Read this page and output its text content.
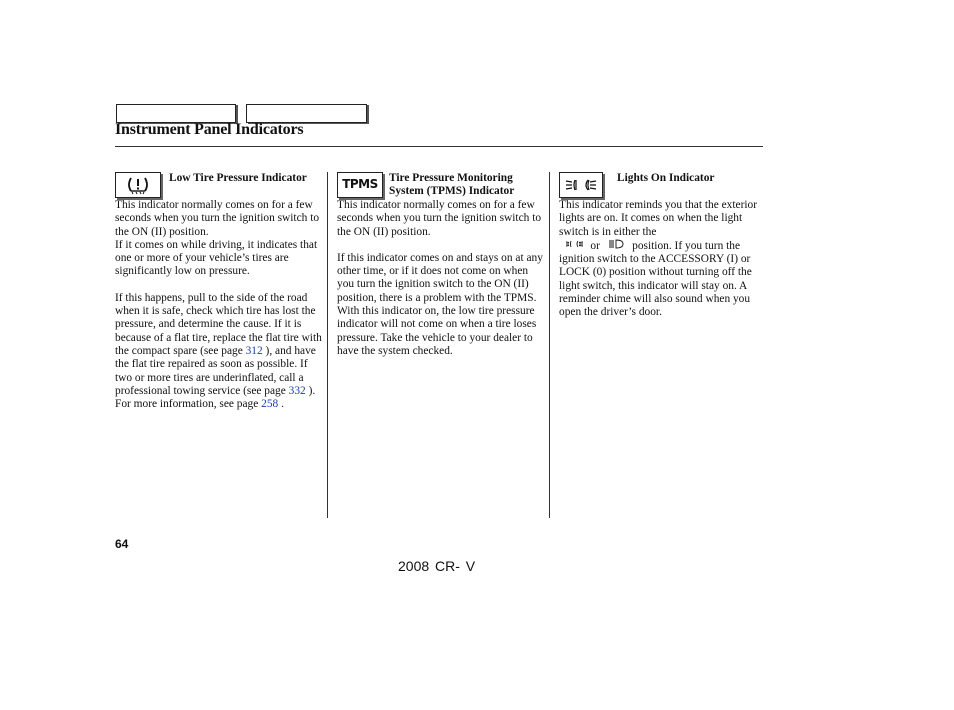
Instrument Panel Indicators
Low Tire Pressure Indicator

This indicator normally comes on for a few seconds when you turn the ignition switch to the ON (II) position.

If it comes on while driving, it indicates that one or more of your vehicle’s tires are significantly low on pressure.

If this happens, pull to the side of the road when it is safe, check which tire has lost the pressure, and determine the cause. If it is because of a flat tire, replace the flat tire with the compact spare (see page 312 ), and have the flat tire repaired as soon as possible. If two or more tires are underinflated, call a professional towing service (see page 332 ). For more information, see page 258 .

TPMS Tire Pressure Monitoring System (TPMS) Indicator

This indicator normally comes on for a few seconds when you turn the ignition switch to the ON (II) position.

If this indicator comes on and stays on at any other time, or if it does not come on when you turn the ignition switch to the ON (II) position, there is a problem with the TPMS. With this indicator on, the low tire pressure indicator will not come on when a tire loses pressure. Take the vehicle to your dealer to have the system checked.

Lights On Indicator

This indicator reminds you that the exterior lights are on. It comes on when the light switch is in either the
or	position. If you turn the ignition switch to the ACCESSORY (I) or LOCK (0) position without turning off the light switch, this indicator will stay on. A reminder chime will also sound when you open the driver’s door.

64
2008 CR- V
